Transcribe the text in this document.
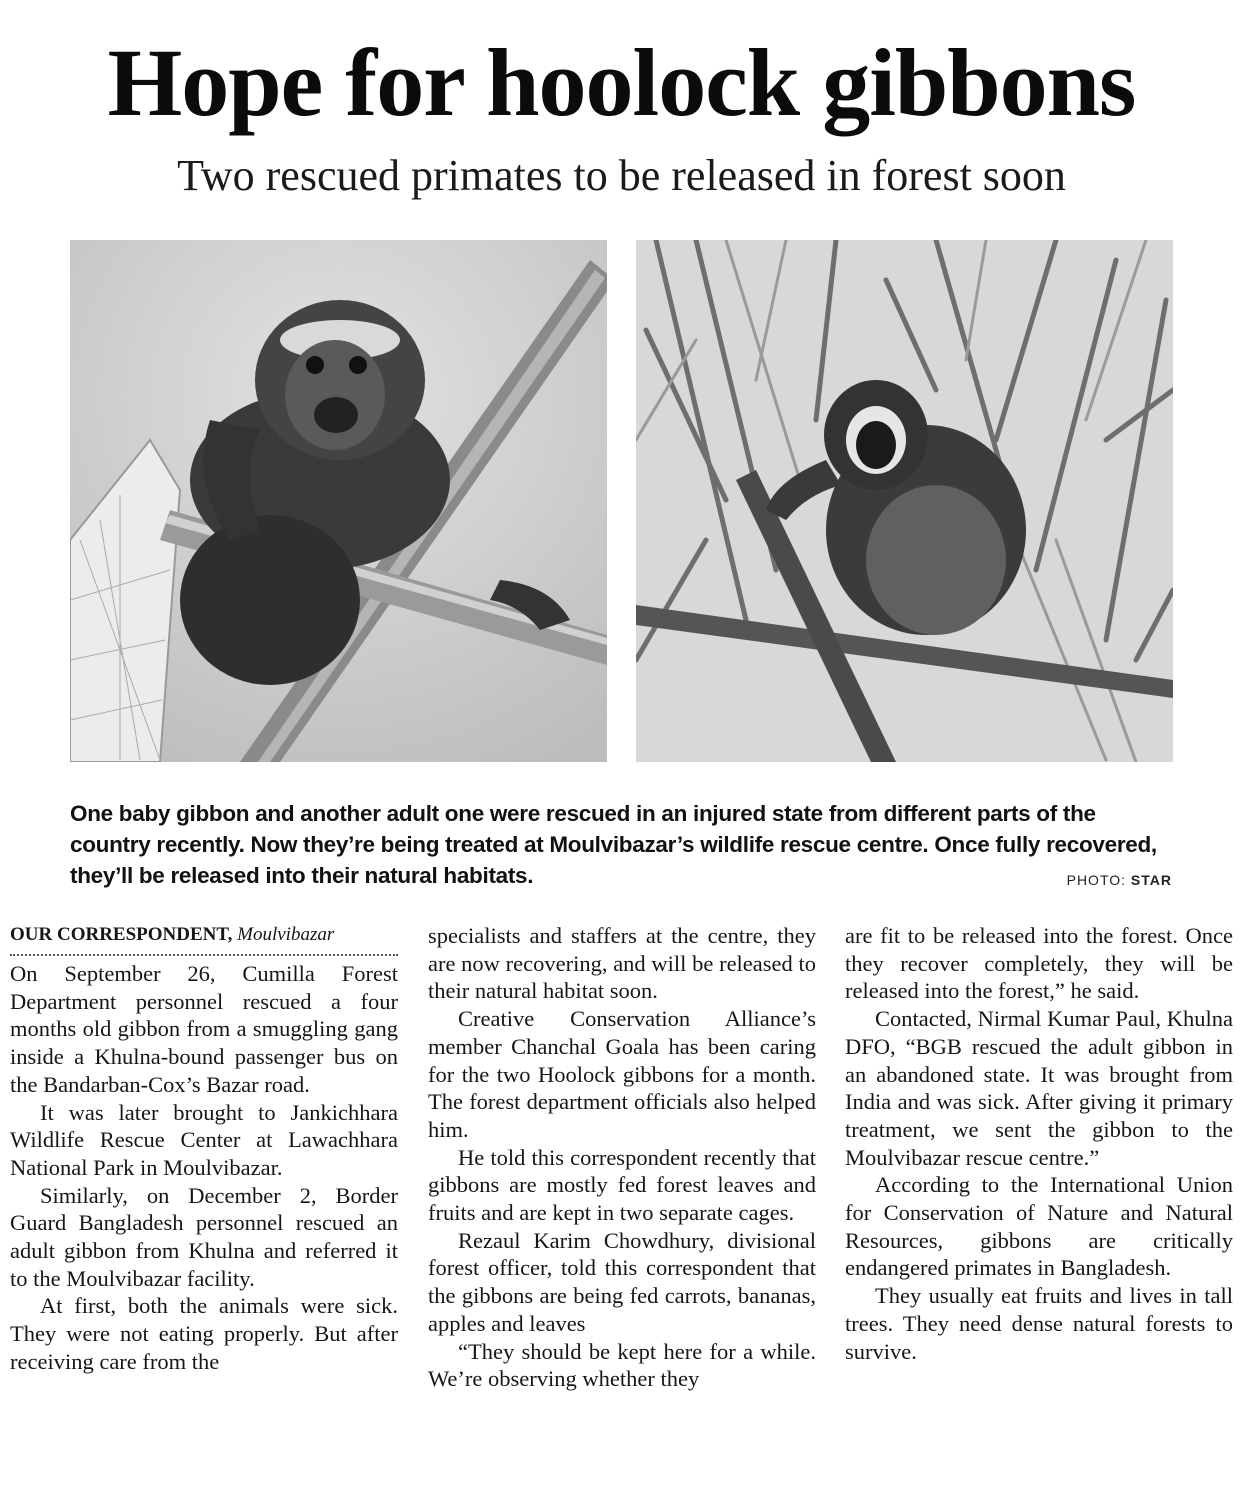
Hope for hoolock gibbons
Two rescued primates to be released in forest soon
One baby gibbon and another adult one were rescued in an injured state from different parts of the country recently. Now they’re being treated at Moulvibazar’s wildlife rescue centre. Once fully recovered, they’ll be released into their natural habitats.	PHOTO: STAR
OUR CORRESPONDENT, Moulvibazar

On September 26, Cumilla Forest Department personnel rescued a four months old gibbon from a smuggling gang inside a Khulna-bound passenger bus on the Bandarban-Cox’s Bazar road.

It was later brought to Jankichhara Wildlife Rescue Center at Lawachhara National Park in Moulvibazar.

Similarly, on December 2, Border Guard Bangladesh personnel rescued an adult gibbon from Khulna and referred it to the Moulvibazar facility.

At first, both the animals were sick. They were not eating properly. But after receiving care from the

specialists and staffers at the centre, they are now recovering, and will be released to their natural habitat soon.

Creative Conservation Alliance’s member Chanchal Goala has been caring for the two Hoolock gibbons for a month. The forest department officials also helped him.

He told this correspondent recently that gibbons are mostly fed forest leaves and fruits and are kept in two separate cages.

Rezaul Karim Chowdhury, divisional forest officer, told this correspondent that the gibbons are being fed carrots, bananas, apples and leaves

“They should be kept here for a while. We’re observing whether they

are fit to be released into the forest. Once they recover completely, they will be released into the forest,” he said.

Contacted, Nirmal Kumar Paul, Khulna DFO, “BGB rescued the adult gibbon in an abandoned state. It was brought from India and was sick. After giving it primary treatment, we sent the gibbon to the Moulvibazar rescue centre.”

According to the International Union for Conservation of Nature and Natural Resources, gibbons are critically endangered primates in Bangladesh.

They usually eat fruits and lives in tall trees. They need dense natural forests to survive.
